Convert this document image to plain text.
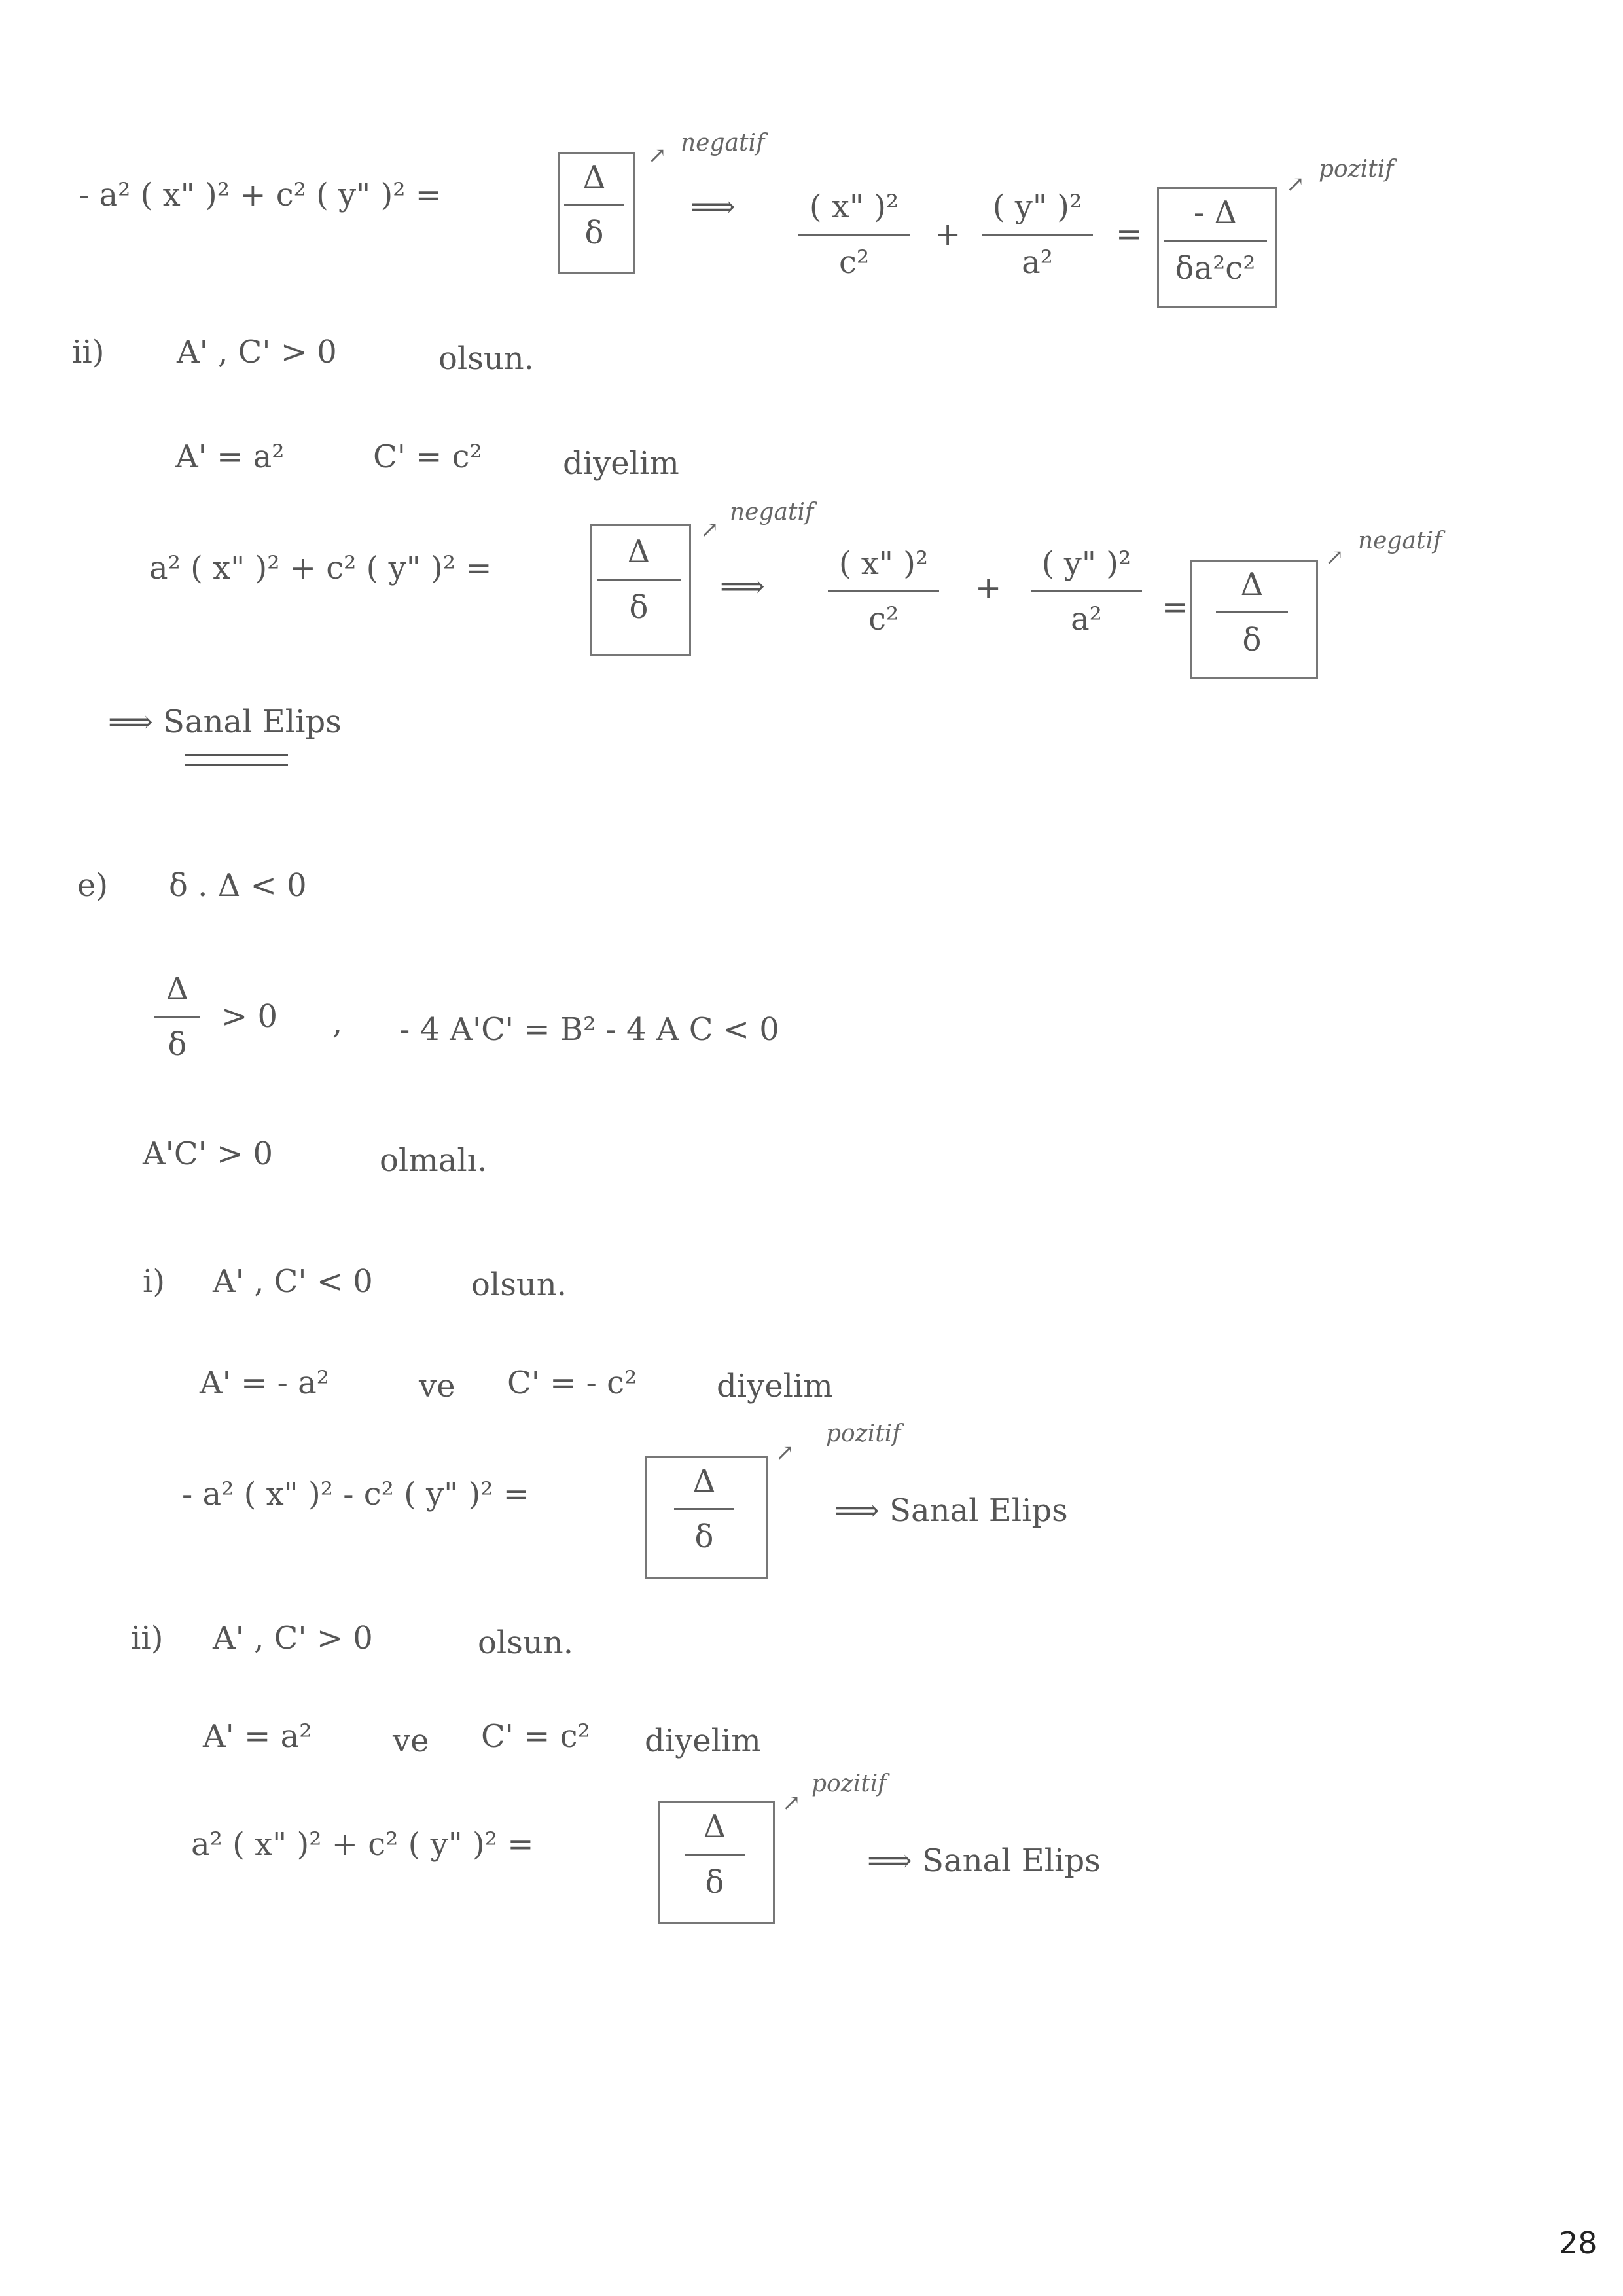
- a² ( x" )² + c² ( y" )² =	Δ
δ
↗ negatif
⟹ ( x" )²
c²
+
( y" )²
a²
=
- Δ
δa²c²
↗
pozitif
ii) A' , C' > 0	olsun.
A' = a²	C' = c²	diyelim
a² ( x" )² + c² ( y" )² =	Δ
δ
↗
negatif
⟹
( x" )²
c²
+
( y" )²
a² =
Δ
δ
↗
negatif
⟹ Sanal Elips
e) δ . Δ < 0
Δ
δ
> 0 , - 4 A'C' = B² - 4 A C < 0
A'C' > 0	olmalı.
i) A' , C' < 0	olsun.
A' = - a²	ve C' = - c²	diyelim
- a² ( x" )² - c² ( y" )² =	Δ
δ
↗
pozitif
⟹ Sanal Elips
ii) A' , C' > 0	olsun.
A' = a²	ve C' = c² diyelim
a² ( x" )² + c² ( y" )² =	Δ
δ
↗
pozitif
⟹ Sanal Elips
28
